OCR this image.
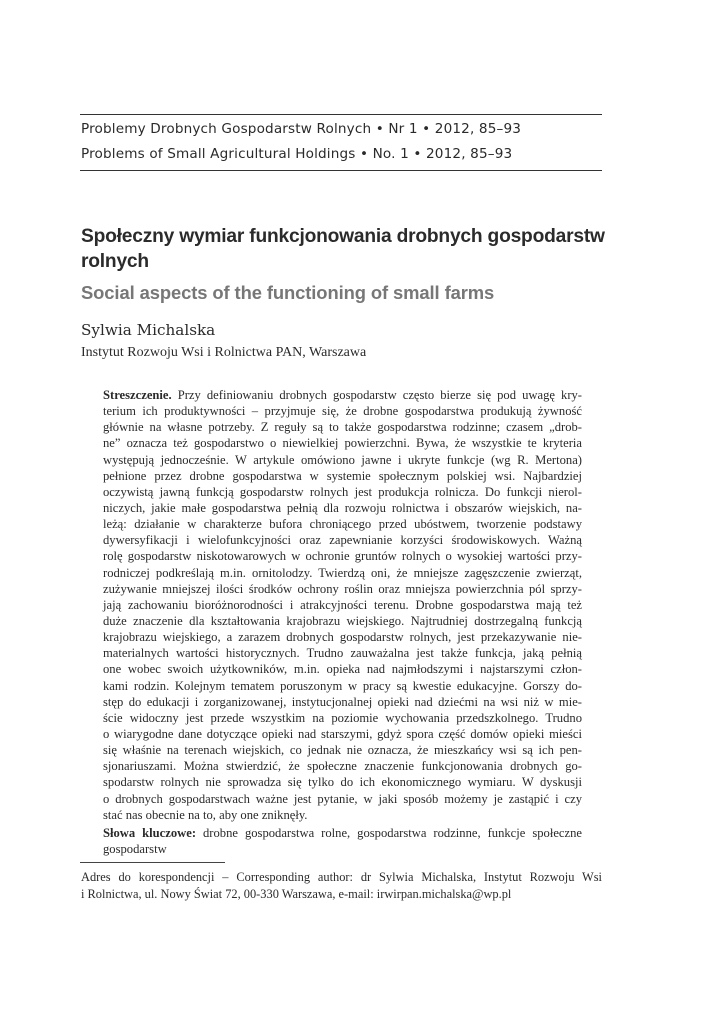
Problemy Drobnych Gospodarstw Rolnych • Nr 1 • 2012, 85–93
Problems of Small Agricultural Holdings • No. 1 • 2012, 85–93
Społeczny wymiar funkcjonowania drobnych gospodarstw rolnych
Social aspects of the functioning of small farms
Sylwia Michalska
Instytut Rozwoju Wsi i Rolnictwa PAN, Warszawa
Streszczenie. Przy definiowaniu drobnych gospodarstw często bierze się pod uwagę kry-
terium ich produktywności – przyjmuje się, że drobne gospodarstwa produkują żywność
głównie na własne potrzeby. Z reguły są to także gospodarstwa rodzinne; czasem „drob-
ne” oznacza też gospodarstwo o niewielkiej powierzchni. Bywa, że wszystkie te kryteria
występują jednocześnie. W artykule omówiono jawne i ukryte funkcje (wg R. Mertona)
pełnione przez drobne gospodarstwa w systemie społecznym polskiej wsi. Najbardziej
oczywistą jawną funkcją gospodarstw rolnych jest produkcja rolnicza. Do funkcji nierol-
niczych, jakie małe gospodarstwa pełnią dla rozwoju rolnictwa i obszarów wiejskich, na-
leżą: działanie w charakterze bufora chroniącego przed ubóstwem, tworzenie podstawy
dywersyfikacji i wielofunkcyjności oraz zapewnianie korzyści środowiskowych. Ważną
rolę gospodarstw niskotowarowych w ochronie gruntów rolnych o wysokiej wartości przy-
rodniczej podkreślają m.in. ornitolodzy. Twierdzą oni, że mniejsze zagęszczenie zwierząt,
zużywanie mniejszej ilości środków ochrony roślin oraz mniejsza powierzchnia pól sprzy-
jają zachowaniu bioróżnorodności i atrakcyjności terenu. Drobne gospodarstwa mają też
duże znaczenie dla kształtowania krajobrazu wiejskiego. Najtrudniej dostrzegalną funkcją
krajobrazu wiejskiego, a zarazem drobnych gospodarstw rolnych, jest przekazywanie nie-
materialnych wartości historycznych. Trudno zauważalna jest także funkcja, jaką pełnią
one wobec swoich użytkowników, m.in. opieka nad najmłodszymi i najstarszymi człon-
kami rodzin. Kolejnym tematem poruszonym w pracy są kwestie edukacyjne. Gorszy do-
stęp do edukacji i zorganizowanej, instytucjonalnej opieki nad dziećmi na wsi niż w mie-
ście widoczny jest przede wszystkim na poziomie wychowania przedszkolnego. Trudno
o wiarygodne dane dotyczące opieki nad starszymi, gdyż spora część domów opieki mieści
się właśnie na terenach wiejskich, co jednak nie oznacza, że mieszkańcy wsi są ich pen-
sjonariuszami. Można stwierdzić, że społeczne znaczenie funkcjonowania drobnych go-
spodarstw rolnych nie sprowadza się tylko do ich ekonomicznego wymiaru. W dyskusji
o drobnych gospodarstwach ważne jest pytanie, w jaki sposób możemy je zastąpić i czy
stać nas obecnie na to, aby one zniknęły.
Słowa kluczowe: drobne gospodarstwa rolne, gospodarstwa rodzinne, funkcje społeczne
gospodarstw
Adres do korespondencji – Corresponding author: dr Sylwia Michalska, Instytut Rozwoju Wsi
i Rolnictwa, ul. Nowy Świat 72, 00-330 Warszawa, e-mail: irwirpan.michalska@wp.pl
